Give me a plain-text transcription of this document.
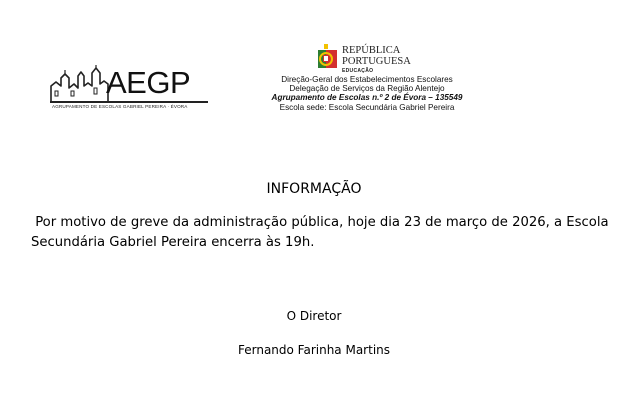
AEGP
AGRUPAMENTO DE ESCOLAS GABRIEL PEREIRA · ÉVORA
REPÚBLICA
PORTUGUESA
EDUCAÇÃO
Direção-Geral dos Estabelecimentos Escolares
Delegação de Serviços da Região Alentejo
Agrupamento de Escolas n.º 2 de Évora – 135549
Escola sede: Escola Secundária Gabriel Pereira
INFORMAÇÃO
Por motivo de greve da administração pública, hoje dia 23 de março de 2026, a Escola
Secundária Gabriel Pereira encerra às 19h.
O Diretor
Fernando Farinha Martins
